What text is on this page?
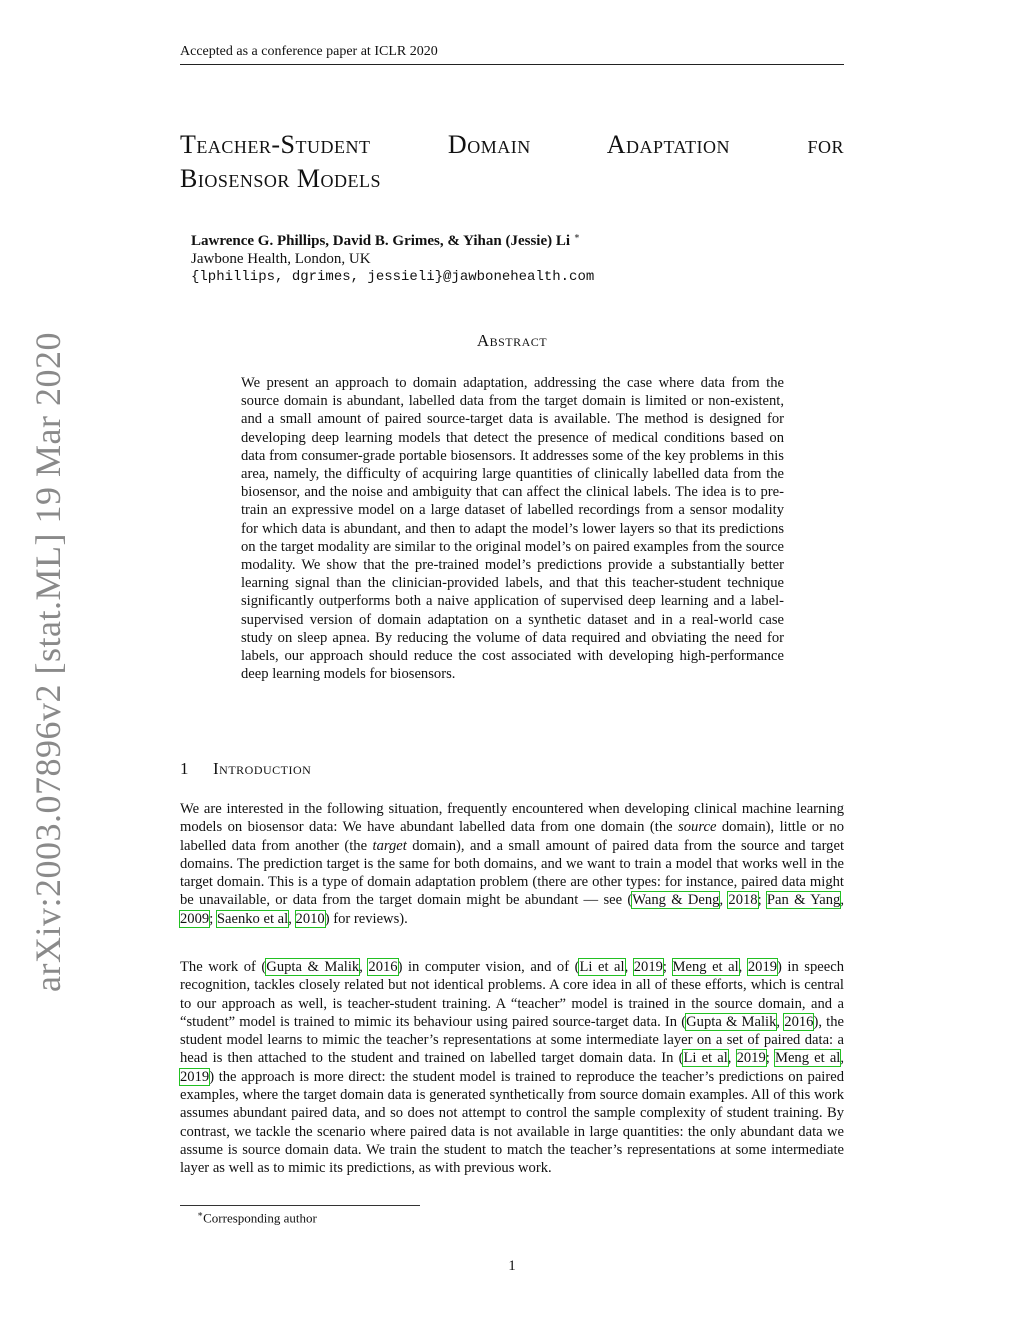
Accepted as a conference paper at ICLR 2020
arXiv:2003.07896v2 [stat.ML] 19 Mar 2020
Teacher-Student Domain Adaptation for
Biosensor Models
Lawrence G. Phillips, David B. Grimes, & Yihan (Jessie) Li ∗
Jawbone Health, London, UK
{lphillips, dgrimes, jessieli}@jawbonehealth.com
Abstract
We present an approach to domain adaptation, addressing the case where data from the source domain is abundant, labelled data from the target domain is limited or non-existent, and a small amount of paired source-target data is available. The method is designed for developing deep learning models that detect the presence of medical conditions based on data from consumer-grade portable biosensors. It addresses some of the key problems in this area, namely, the difficulty of acquiring large quantities of clinically labelled data from the biosensor, and the noise and ambiguity that can affect the clinical labels. The idea is to pre-train an expressive model on a large dataset of labelled recordings from a sensor modality for which data is abundant, and then to adapt the model’s lower layers so that its predictions on the target modality are similar to the original model’s on paired examples from the source modality. We show that the pre-trained model’s predictions provide a substantially better learning signal than the clinician-provided labels, and that this teacher-student technique significantly outperforms both a naive application of supervised deep learning and a label-supervised version of domain adaptation on a synthetic dataset and in a real-world case study on sleep apnea. By reducing the volume of data required and obviating the need for labels, our approach should reduce the cost associated with developing high-performance deep learning models for biosensors.
1 Introduction
We are interested in the following situation, frequently encountered when developing clinical machine learning models on biosensor data: We have abundant labelled data from one domain (the source domain), little or no labelled data from another (the target domain), and a small amount of paired data from the source and target domains. The prediction target is the same for both domains, and we want to train a model that works well in the target domain. This is a type of domain adaptation problem (there are other types: for instance, paired data might be unavailable, or data from the target domain might be abundant — see (Wang & Deng, 2018; Pan & Yang, 2009; Saenko et al, 2010) for reviews).
The work of (Gupta & Malik, 2016) in computer vision, and of (Li et al, 2019; Meng et al, 2019) in speech recognition, tackles closely related but not identical problems. A core idea in all of these efforts, which is central to our approach as well, is teacher-student training. A “teacher” model is trained in the source domain, and a “student” model is trained to mimic its behaviour using paired source-target data. In (Gupta & Malik, 2016), the student model learns to mimic the teacher’s representations at some intermediate layer on a set of paired data: a head is then attached to the student and trained on labelled target domain data. In (Li et al, 2019; Meng et al, 2019) the approach is more direct: the student model is trained to reproduce the teacher’s predictions on paired examples, where the target domain data is generated synthetically from source domain examples. All of this work assumes abundant paired data, and so does not attempt to control the sample complexity of student training. By contrast, we tackle the scenario where paired data is not available in large quantities: the only abundant data we assume is source domain data. We train the student to match the teacher’s representations at some intermediate layer as well as to mimic its predictions, as with previous work.
∗Corresponding author
1
